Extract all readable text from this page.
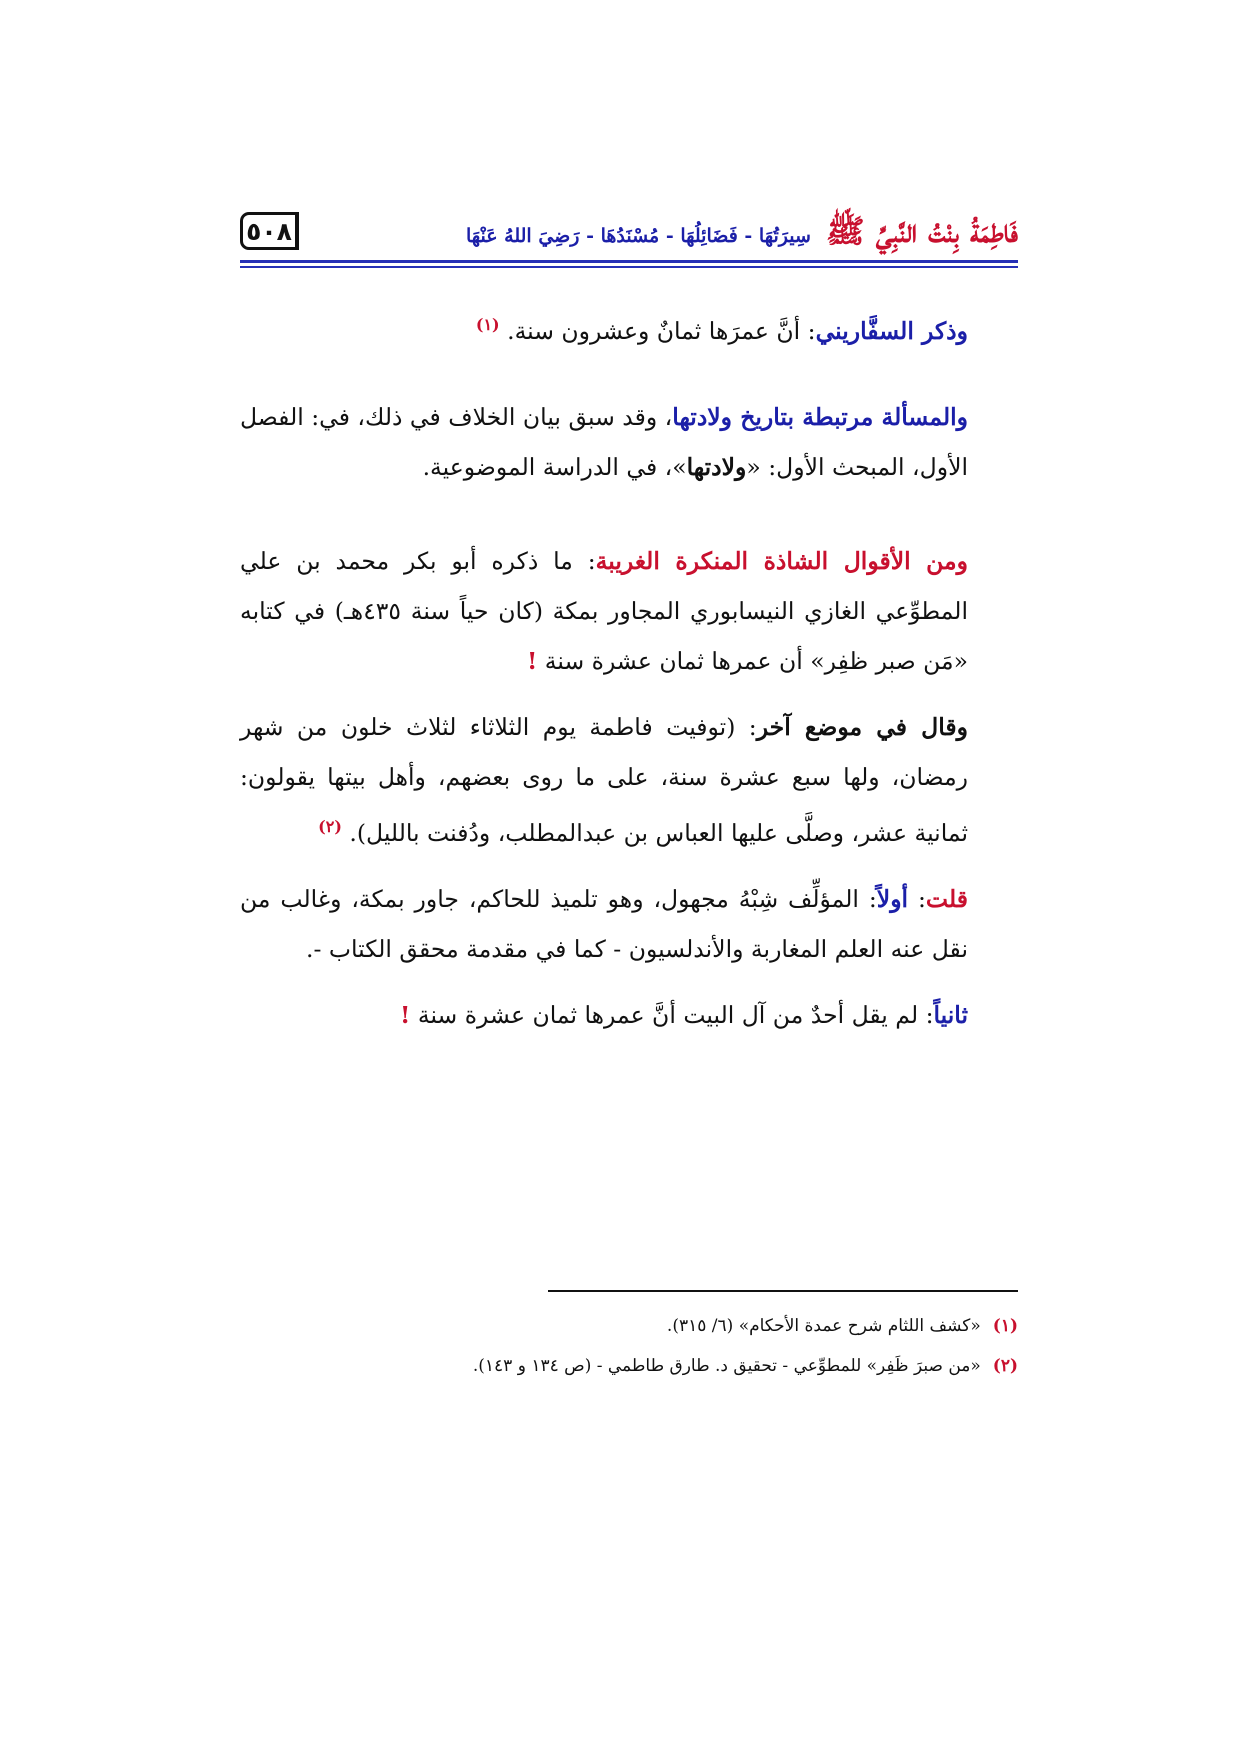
٥٠٨	فَاطِمَةُ بِنْتُ النَّبِيِّ ﷺ سِيرَتُهَا - فَضَائِلُهَا - مُسْنَدُهَا - رَضِيَ اللهُ عَنْهَا

وذكر السفَّاريني: أنَّ عمرَها ثمانٌ وعشرون سنة. $^{(١)}$

والمسألة مرتبطة بتاريخ ولادتها، وقد سبق بيان الخلاف في ذلك، في: الفصل الأول، المبحث الأول: «ولادتها»، في الدراسة الموضوعية.

ومن الأقوال الشاذة المنكرة الغريبة: ما ذكره أبو بكر محمد بن علي المطوِّعي الغازي النيسابوري المجاور بمكة (كان حياً سنة ٤٣٥هـ) في كتابه «مَن صبر ظفِر» أن عمرها ثمان عشرة سنة !

وقال في موضع آخر: (توفيت فاطمة يوم الثلاثاء لثلاث خلون من شهر رمضان، ولها سبع عشرة سنة، على ما روى بعضهم، وأهل بيتها يقولون: ثمانية عشر، وصلَّى عليها العباس بن عبدالمطلب، ودُفنت بالليل). $^{(٢)}$

قلت: أولاً: المؤلِّف شِبْهُ مجهول، وهو تلميذ للحاكم، جاور بمكة، وغالب من نقل عنه العلم المغاربة والأندلسيون - كما في مقدمة محقق الكتاب -.

ثانياً: لم يقل أحدٌ من آل البيت أنَّ عمرها ثمان عشرة سنة !

(١)«كشف اللثام شرح عمدة الأحكام» (٦/ ٣١٥).
(٢)«من صبرَ ظَفِر» للمطوِّعي - تحقيق د. طارق طاطمي - (ص ١٣٤ و ١٤٣).
